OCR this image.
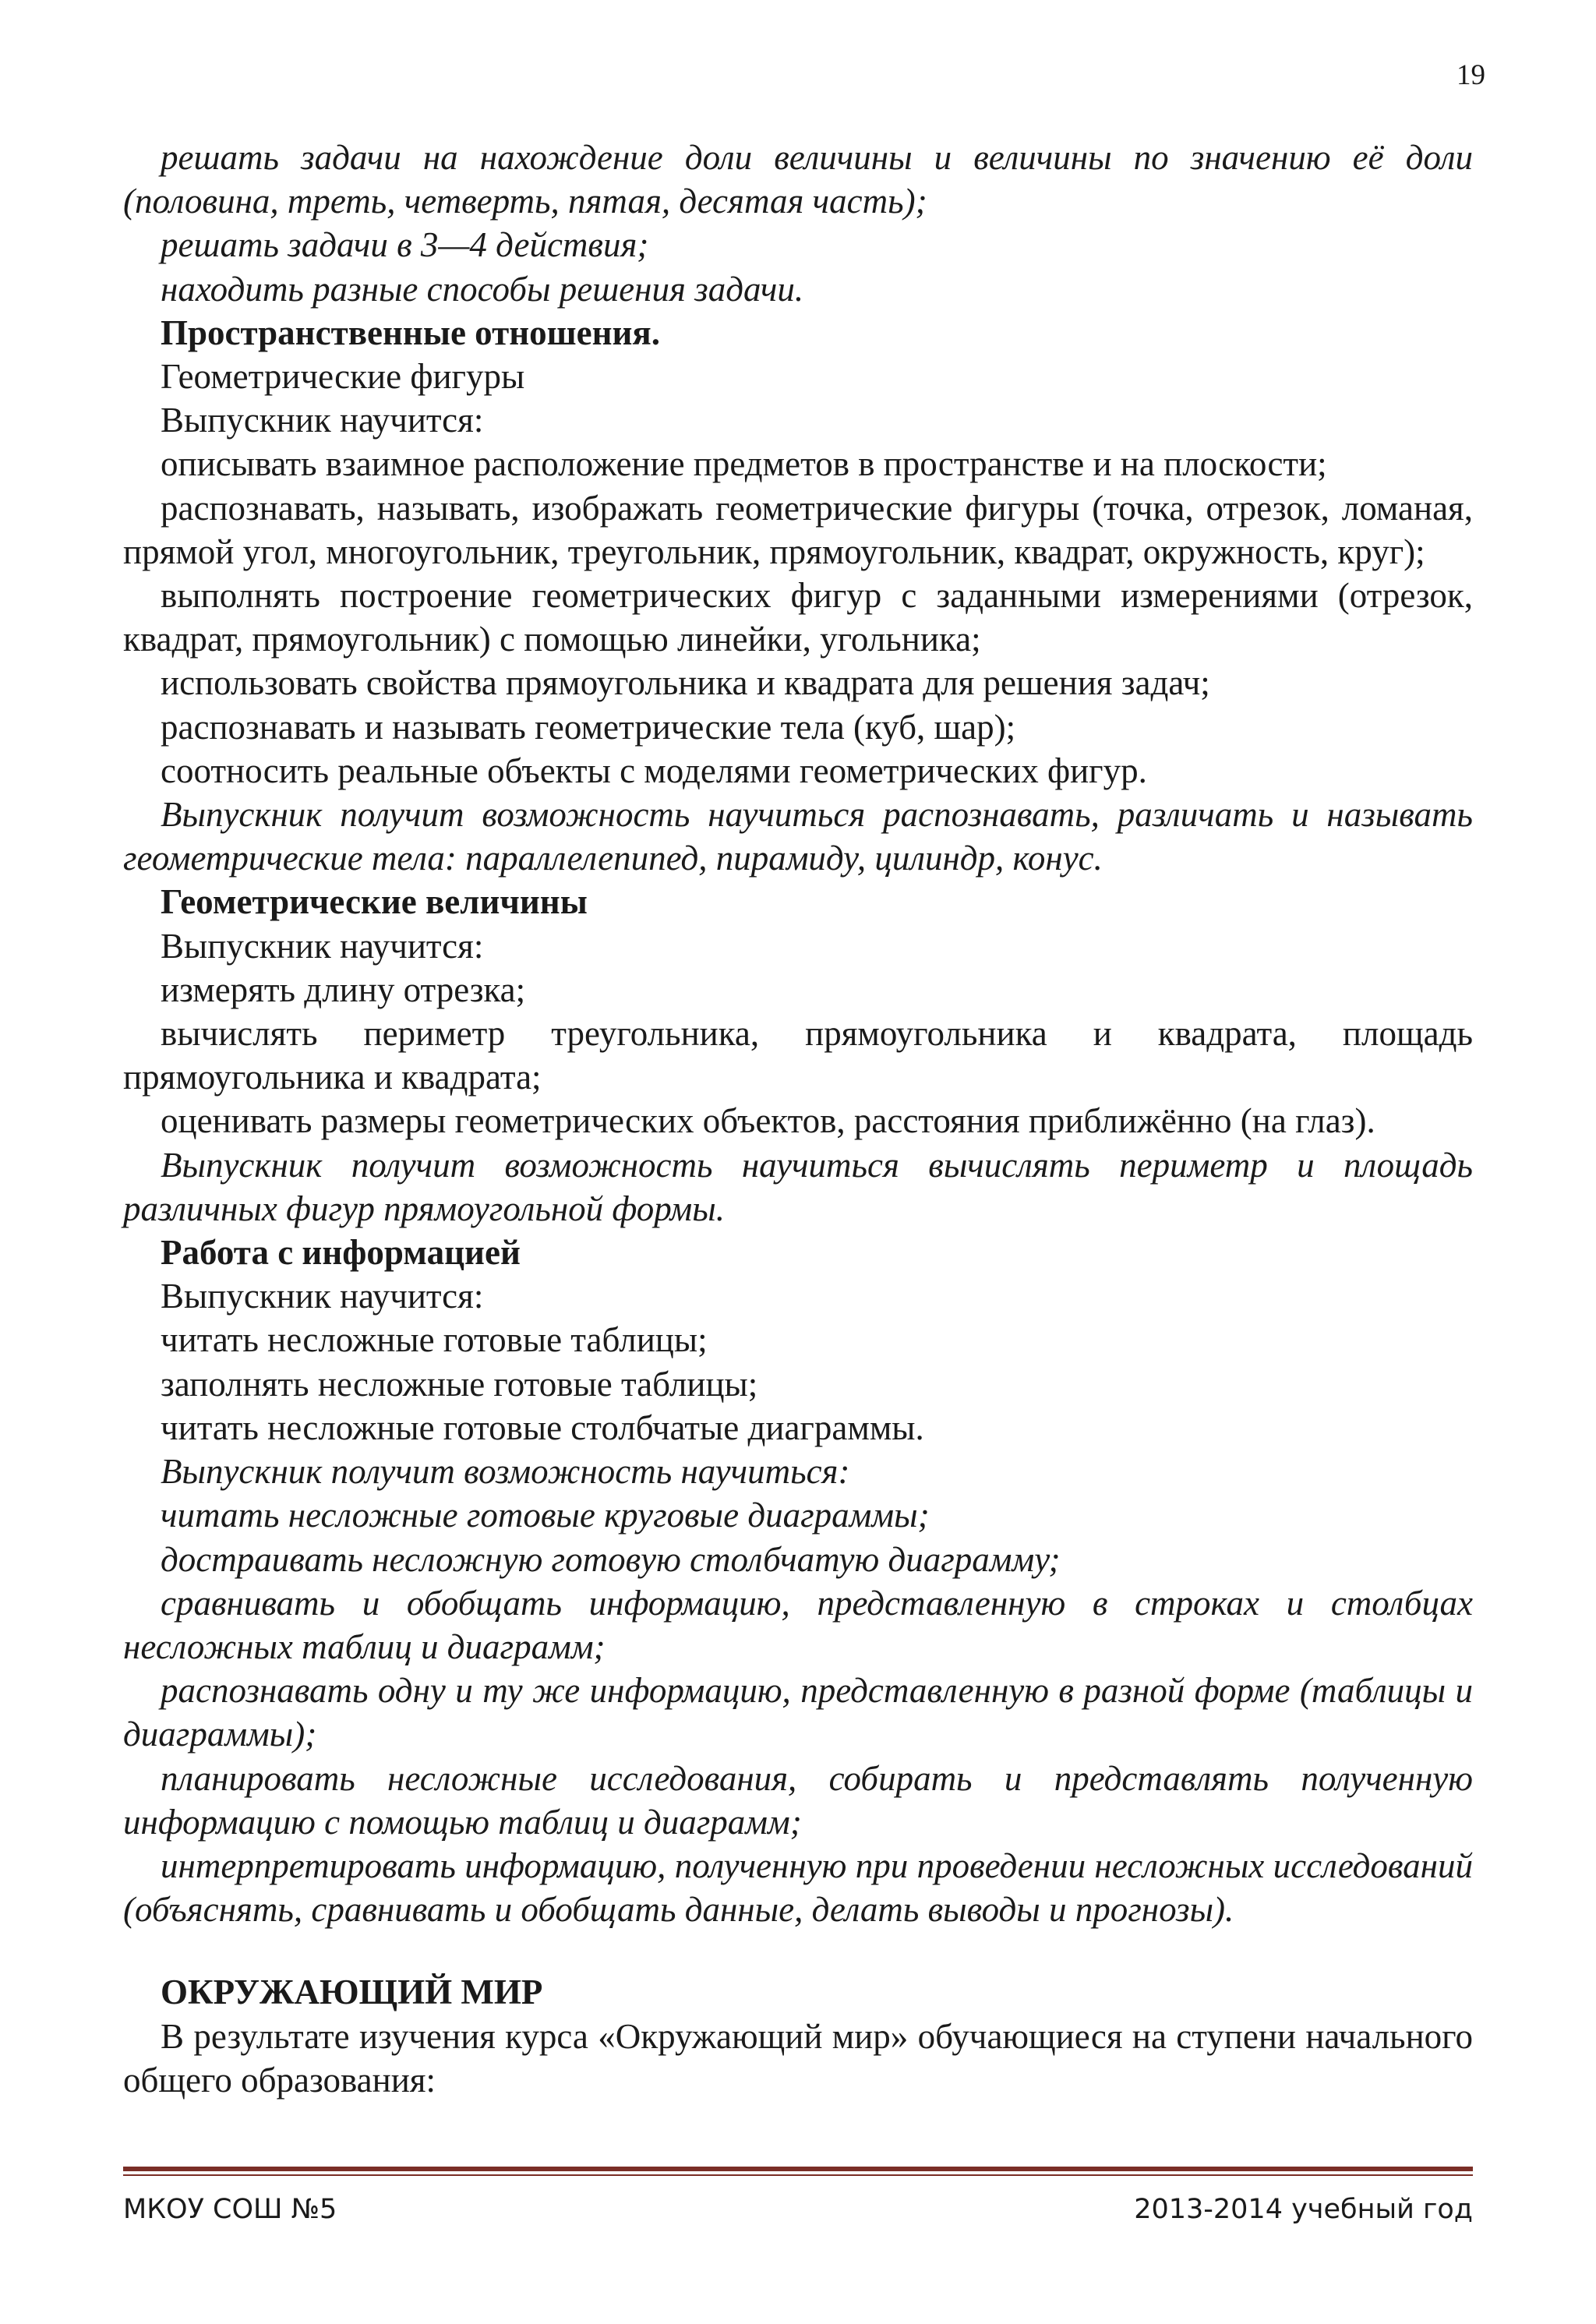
19

решать задачи на нахождение доли величины и величины по значению её доли (половина, треть, четверть, пятая, десятая часть);

решать задачи в 3—4 действия;

находить разные способы решения задачи.

Пространственные отношения.

Геометрические фигуры

Выпускник научится:

описывать взаимное расположение предметов в пространстве и на плоскости;

распознавать, называть, изображать геометрические фигуры (точка, отрезок, ломаная, прямой угол, многоугольник, треугольник, прямоугольник, квадрат, окружность, круг);

выполнять построение геометрических фигур с заданными измерениями (отрезок, квадрат, прямоугольник) с помощью линейки, угольника;

использовать свойства прямоугольника и квадрата для решения задач;

распознавать и называть геометрические тела (куб, шар);

соотносить реальные объекты с моделями геометрических фигур.

Выпускник получит возможность научиться распознавать, различать и называть геометрические тела: параллелепипед, пирамиду, цилиндр, конус.

Геометрические величины

Выпускник научится:

измерять длину отрезка;

вычислять периметр треугольника, прямоугольника и квадрата, площадь прямоугольника и квадрата;

оценивать размеры геометрических объектов, расстояния приближённо (на глаз).

Выпускник получит возможность научиться вычислять периметр и площадь различных фигур прямоугольной формы.

Работа с информацией

Выпускник научится:

читать несложные готовые таблицы;

заполнять несложные готовые таблицы;

читать несложные готовые столбчатые диаграммы.

Выпускник получит возможность научиться:

читать несложные готовые круговые диаграммы;

достраивать несложную готовую столбчатую диаграмму;

сравнивать и обобщать информацию, представленную в строках и столбцах несложных таблиц и диаграмм;

распознавать одну и ту же информацию, представленную в разной форме (таблицы и диаграммы);

планировать несложные исследования, собирать и представлять полученную информацию с помощью таблиц и диаграмм;

интерпретировать информацию, полученную при проведении несложных исследований (объяснять, сравнивать и обобщать данные, делать выводы и прогнозы).

ОКРУЖАЮЩИЙ МИР

В результате изучения курса «Окружающий мир» обучающиеся на ступени начального общего образования:

МКОУ СОШ №5	2013-2014 учебный год
